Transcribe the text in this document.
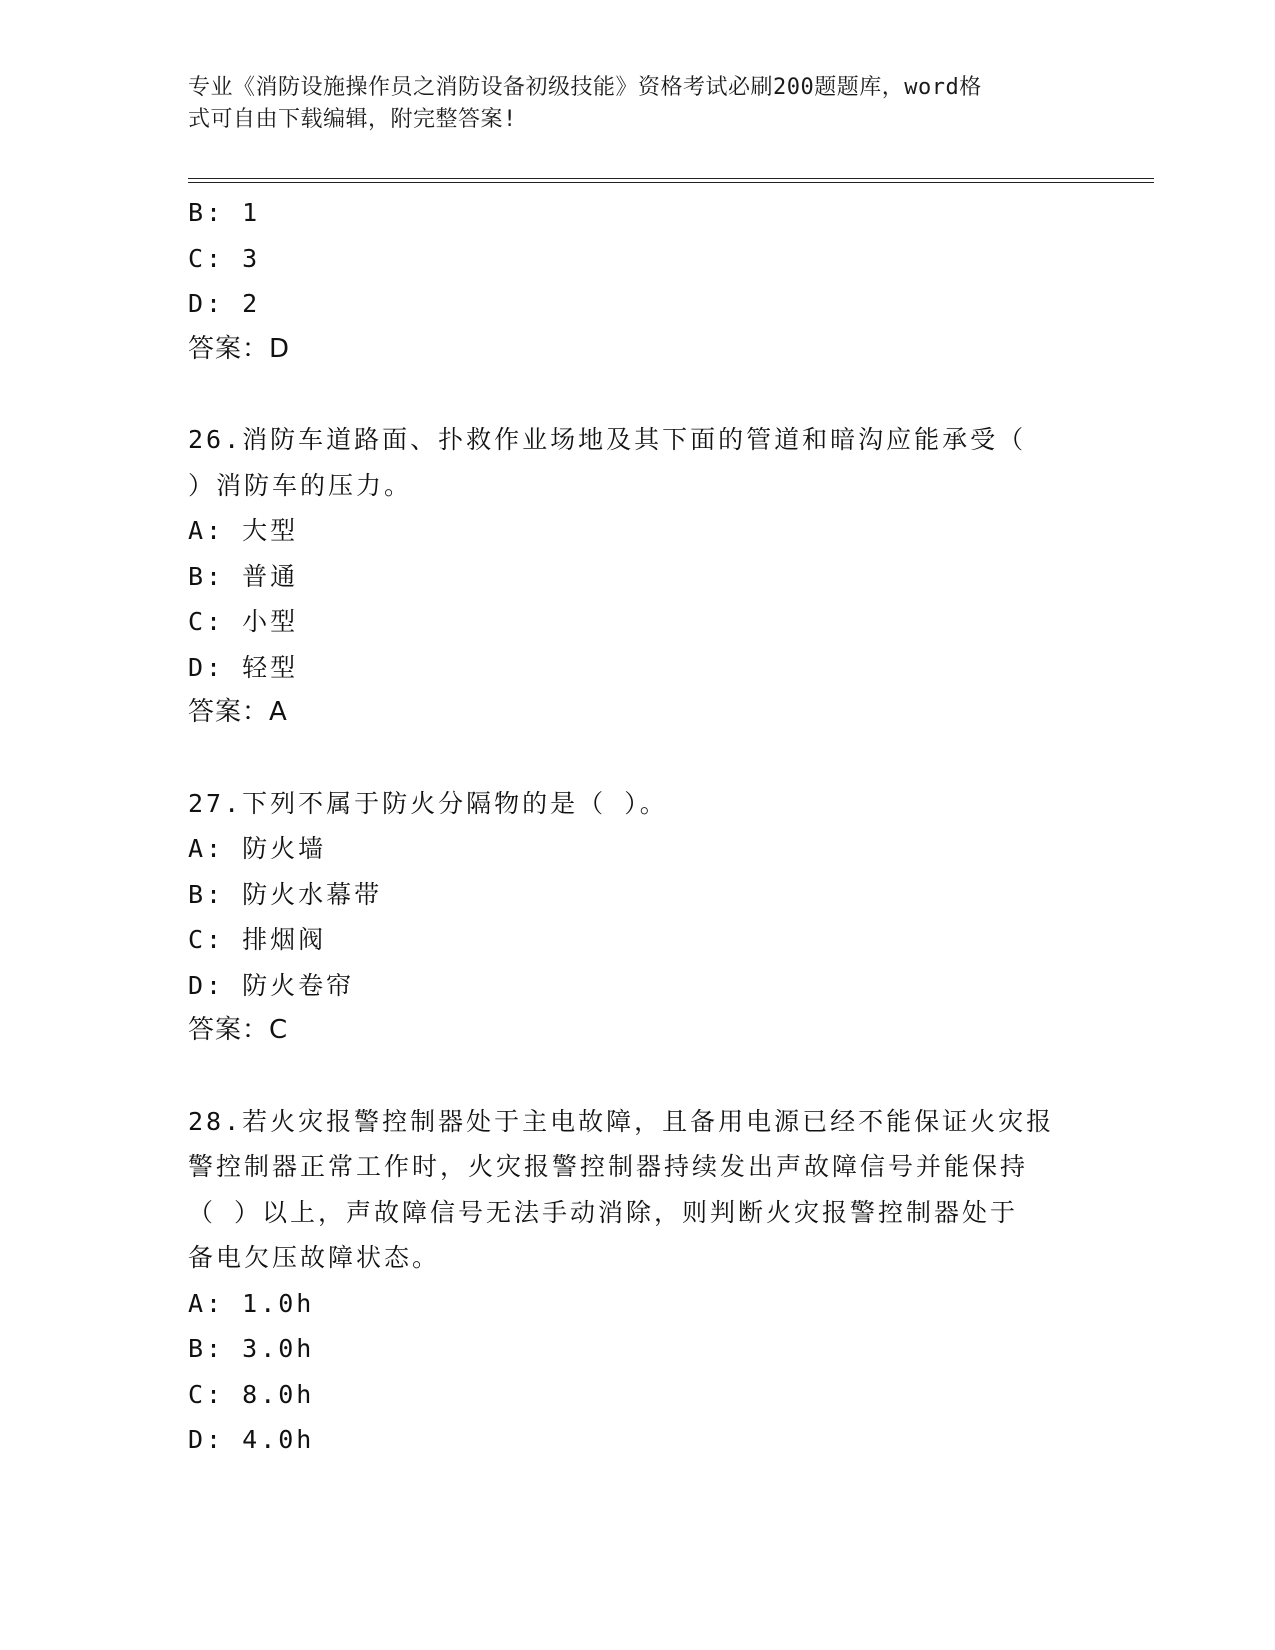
专业《消防设施操作员之消防设备初级技能》资格考试必刷200题题库，word格
式可自由下载编辑，附完整答案!
B: 1
C: 3
D: 2
答案：D
26.消防车道路面、扑救作业场地及其下面的管道和暗沟应能承受（
）消防车的压力。
A: 大型
B: 普通
C: 小型
D: 轻型
答案：A
27.下列不属于防火分隔物的是（ ）。
A: 防火墙
B: 防火水幕带
C: 排烟阀
D: 防火卷帘
答案：C
28.若火灾报警控制器处于主电故障，且备用电源已经不能保证火灾报
警控制器正常工作时，火灾报警控制器持续发出声故障信号并能保持
（ ）以上，声故障信号无法手动消除，则判断火灾报警控制器处于
备电欠压故障状态。
A: 1.0h
B: 3.0h
C: 8.0h
D: 4.0h
